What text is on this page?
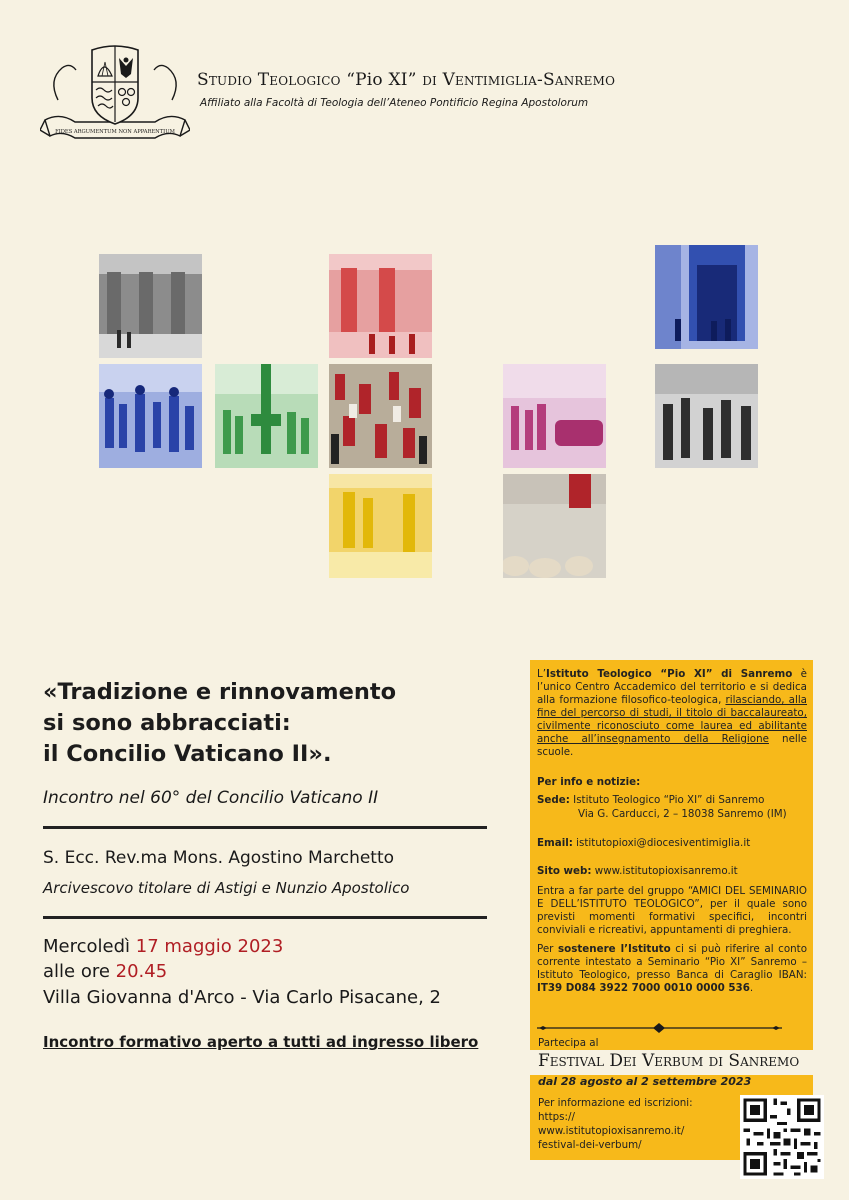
FIDES ARGUMENTUM NON APPARENTIUM
Studio Teologico “Pio XI” di Ventimiglia-Sanremo
Affiliato alla Facoltà di Teologia dell’Ateneo Pontificio Regina Apostolorum
«Tradizione e rinnovamento
si sono abbracciati:
il Concilio Vaticano II».
Incontro nel 60° del Concilio Vaticano II
S. Ecc. Rev.ma Mons. Agostino Marchetto
Arcivescovo titolare di Astigi e Nunzio Apostolico
Mercoledì 17 maggio 2023
alle ore 20.45
Villa Giovanna d'Arco - Via Carlo Pisacane, 2
Incontro formativo aperto a tutti ad ingresso libero
L’Istituto Teologico “Pio XI” di Sanremo è l’unico Centro Accademico del territorio e si dedica alla formazione filosofico-teologica, rilasciando, alla fine del percorso di studi, il titolo di baccalaureato, civilmente riconosciuto come laurea ed abilitante anche all’insegnamento della Religione nelle scuole.
Per info e notizie:
Sede: Istituto Teologico “Pio XI” di Sanremo
Via G. Carducci, 2 – 18038 Sanremo (IM)
Email: istitutopioxi@diocesiventimiglia.it
Sito web: www.istitutopioxisanremo.it
Entra a far parte del gruppo “AMICI DEL SEMINARIO E DELL’ISTITUTO TEOLOGICO”, per il quale sono previsti momenti formativi specifici, incontri conviviali e ricreativi, appuntamenti di preghiera.
Per sostenere l’Istituto ci si può riferire al conto corrente intestato a Seminario “Pio XI” Sanremo – Istituto Teologico, presso Banca di Caraglio IBAN: IT39 D084 3922 7000 0010 0000 536.
Partecipa al
Festival Dei Verbum di Sanremo
dal 28 agosto al 2 settembre 2023
Per informazione ed iscrizioni:
https://
www.istitutopioxisanremo.it/
festival-dei-verbum/
